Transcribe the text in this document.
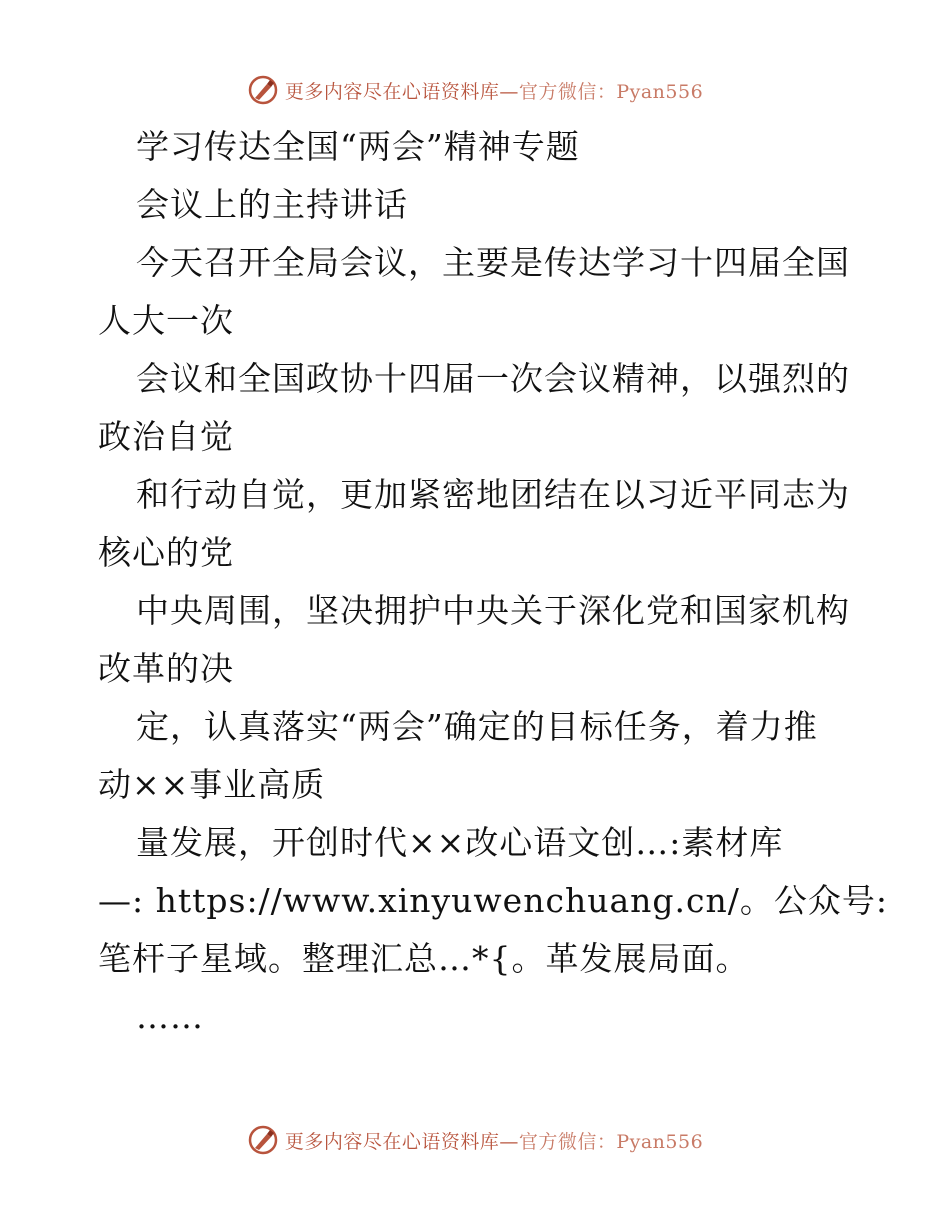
更多内容尽在心语资料库—官方微信：Pyan556
学习传达全国“两会”精神专题
会议上的主持讲话
今天召开全局会议，主要是传达学习十四届全国
人大一次
会议和全国政协十四届一次会议精神，以强烈的
政治自觉
和行动自觉，更加紧密地团结在以习近平同志为
核心的党
中央周围，坚决拥护中央关于深化党和国家机构
改革的决
定，认真落实“两会”确定的目标任务，着力推
动××事业高质
量发展，开创时代××改心语文创…:素材库
—: https://www.xinyuwenchuang.cn/。公众号:
笔杆子星域。整理汇总…*{。革发展局面。
……
更多内容尽在心语资料库—官方微信：Pyan556
